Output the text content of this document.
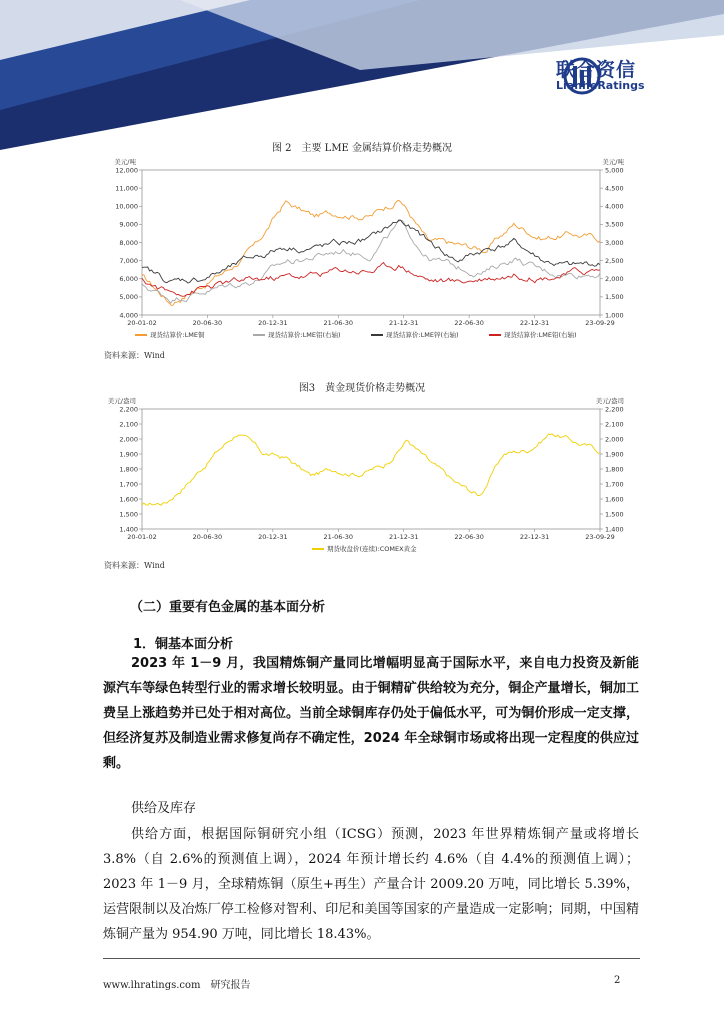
联合资信
LianheRatings
图 2　主要 LME 金属结算价格走势概况
美元/吨	美元/吨
12,000	5,000
11,000	4,500
10,000	4,000
9,000	3,500
8,000	3,000
7,000	2,500
6,000	2,000
5,000	1,500
4,000	1,000
20-01-02	20-06-30	20-12-31	21-06-30	21-12-31	22-06-30	22-12-31	23-09-29
现货结算价:LME铜	现货结算价:LME铝(右轴)	现货结算价:LME锌(右轴)	现货结算价:LME铅(右轴)
资料来源：Wind
图3　黄金现货价格走势概况
美元/盎司	美元/盎司
2,200	2,200
2,100	2,100
2,000	2,000
1,900	1,900
1,800	1,800
1,700	1,700
1,600	1,600
1,500	1,500
1,400	1,400
20-01-02	20-06-30	20-12-31	21-06-30	21-12-31	22-06-30	22-12-31	23-09-29
期货收盘价(连续):COMEX黄金
资料来源：Wind
（二）重要有色金属的基本面分析
1．铜基本面分析

2023 年 1－9 月，我国精炼铜产量同比增幅明显高于国际水平，来自电力投资及新能源汽车等绿色转型行业的需求增长较明显。由于铜精矿供给较为充分，铜企产量增长，铜加工费呈上涨趋势并已处于相对高位。当前全球铜库存仍处于偏低水平，可为铜价形成一定支撑，但经济复苏及制造业需求修复尚存不确定性，2024 年全球铜市场或将出现一定程度的供应过剩。

供给及库存

供给方面，根据国际铜研究小组（ICSG）预测，2023 年世界精炼铜产量或将增长 3.8%（自 2.6%的预测值上调），2024 年预计增长约 4.6%（自 4.4%的预测值上调）；2023 年 1－9 月，全球精炼铜（原生+再生）产量合计 2009.20 万吨，同比增长 5.39%，运营限制以及冶炼厂停工检修对智利、印尼和美国等国家的产量造成一定影响；同期，中国精炼铜产量为 954.90 万吨，同比增长 18.43%。

www.lhratings.com　研究报告	2
